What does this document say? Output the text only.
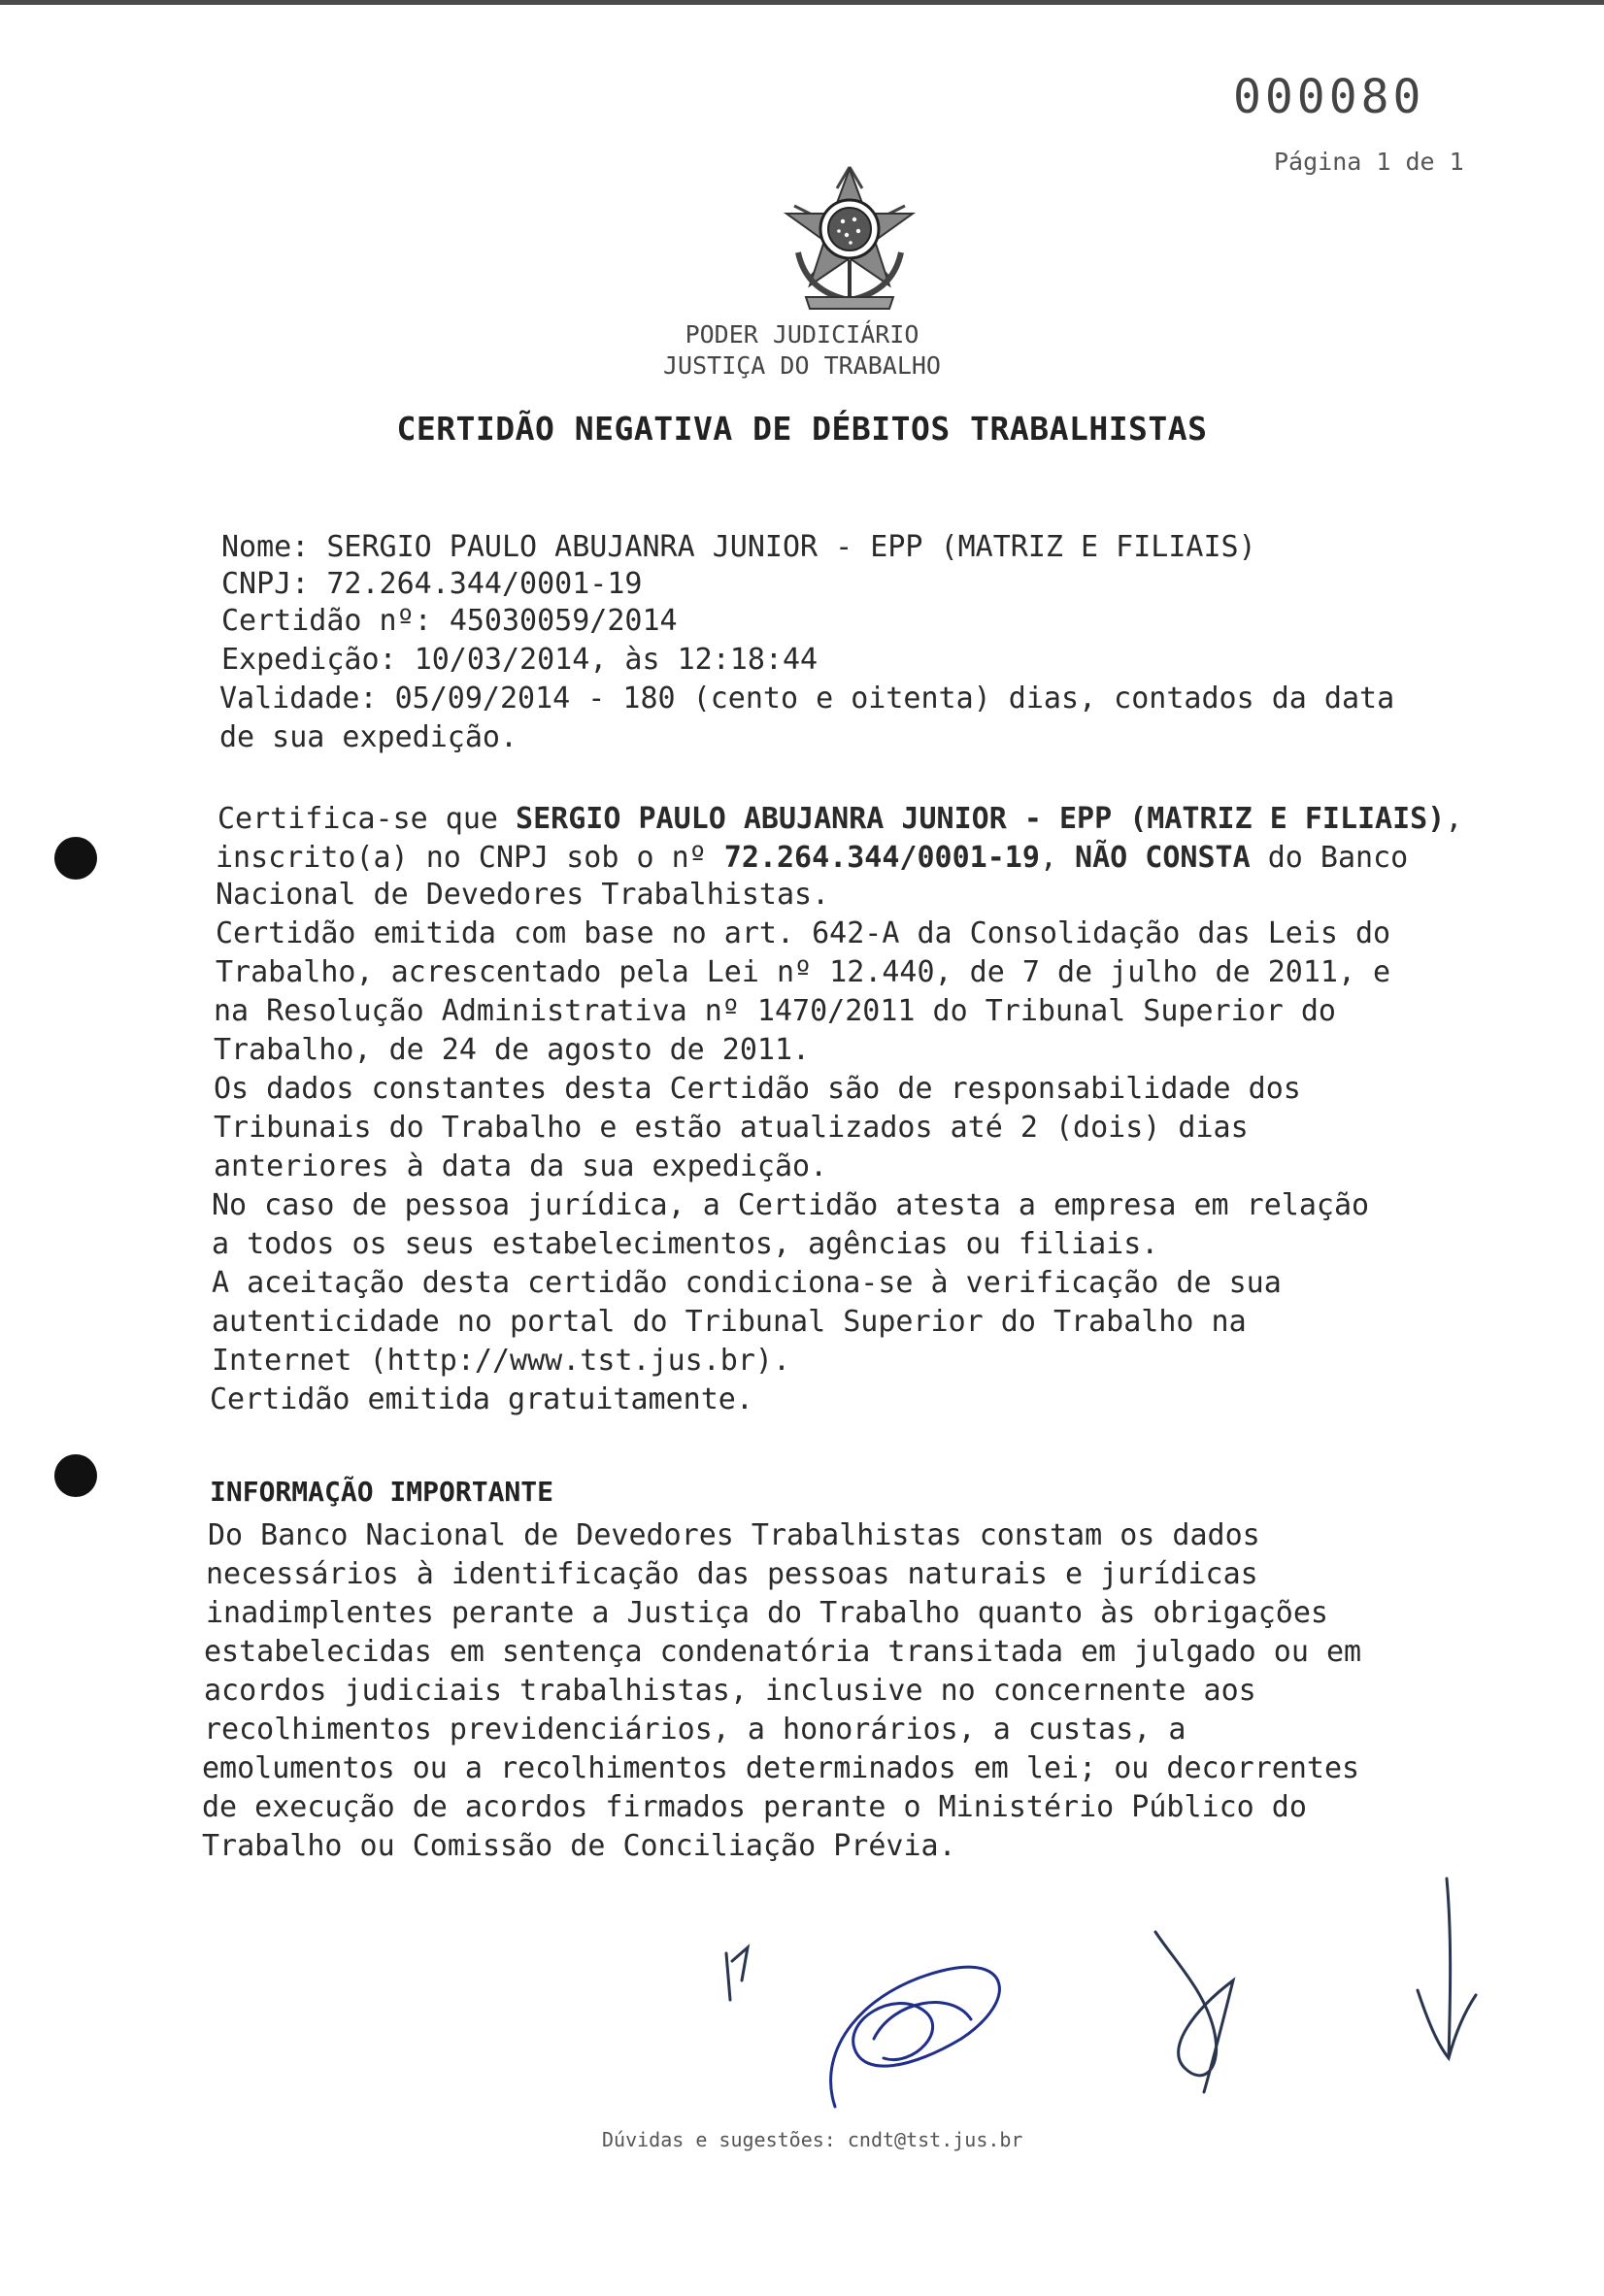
000080
Página 1 de 1
PODER JUDICIÁRIO
JUSTIÇA DO TRABALHO
CERTIDÃO NEGATIVA DE DÉBITOS TRABALHISTAS
Nome: SERGIO PAULO ABUJANRA JUNIOR - EPP (MATRIZ E FILIAIS)
CNPJ: 72.264.344/0001-19
Certidão nº: 45030059/2014
Expedição: 10/03/2014, às 12:18:44
Validade: 05/09/2014 - 180 (cento e oitenta) dias, contados da data
de sua expedição.
Certifica-se que SERGIO PAULO ABUJANRA JUNIOR - EPP (MATRIZ E FILIAIS),
inscrito(a) no CNPJ sob o nº 72.264.344/0001-19, NÃO CONSTA do Banco
Nacional de Devedores Trabalhistas.
Certidão emitida com base no art. 642-A da Consolidação das Leis do
Trabalho, acrescentado pela Lei nº 12.440, de 7 de julho de 2011, e
na Resolução Administrativa nº 1470/2011 do Tribunal Superior do
Trabalho, de 24 de agosto de 2011.
Os dados constantes desta Certidão são de responsabilidade dos
Tribunais do Trabalho e estão atualizados até 2 (dois) dias
anteriores à data da sua expedição.
No caso de pessoa jurídica, a Certidão atesta a empresa em relação
a todos os seus estabelecimentos, agências ou filiais.
A aceitação desta certidão condiciona-se à verificação de sua
autenticidade no portal do Tribunal Superior do Trabalho na
Internet (http://www.tst.jus.br).
Certidão emitida gratuitamente.
INFORMAÇÃO IMPORTANTE
Do Banco Nacional de Devedores Trabalhistas constam os dados
necessários à identificação das pessoas naturais e jurídicas
inadimplentes perante a Justiça do Trabalho quanto às obrigações
estabelecidas em sentença condenatória transitada em julgado ou em
acordos judiciais trabalhistas, inclusive no concernente aos
recolhimentos previdenciários, a honorários, a custas, a
emolumentos ou a recolhimentos determinados em lei; ou decorrentes
de execução de acordos firmados perante o Ministério Público do
Trabalho ou Comissão de Conciliação Prévia.
Dúvidas e sugestões: cndt@tst.jus.br
